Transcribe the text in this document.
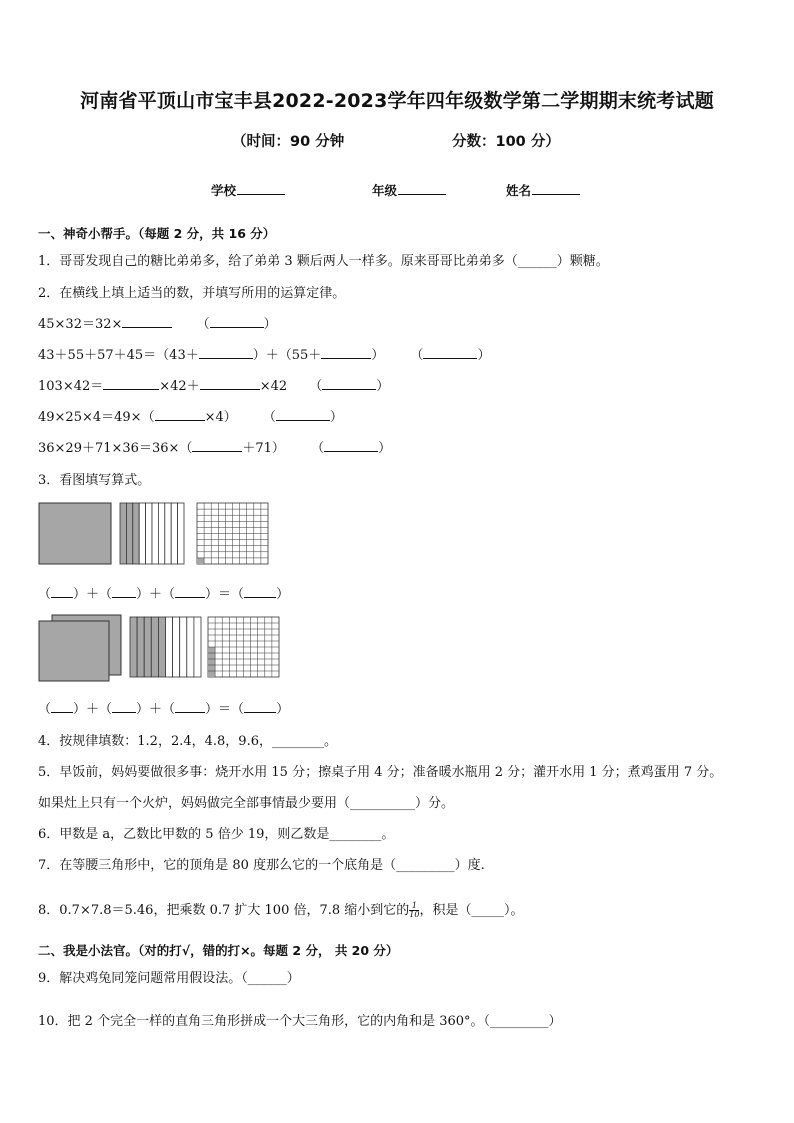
河南省平顶山市宝丰县2022-2023学年四年级数学第二学期期末统考试题
（时间：90 分钟	分数：100 分）
学校	年级	姓名
一、神奇小帮手。（每题 2 分，共 16 分）
1．哥哥发现自己的糖比弟弟多，给了弟弟 3 颗后两人一样多。原来哥哥比弟弟多（______）颗糖。
2．在横线上填上适当的数，并填写所用的运算定律。
45×32＝32×	（	）
43＋55＋57＋45＝（43＋	）＋（55＋	） （	）
103×42＝	×42＋	×42 （	）
49×25×4＝49×（	×4） （	）
36×29＋71×36＝36×（	＋71） （	）
3．看图填写算式。
（ ）＋（ ）＋（ ）＝（ ）
（ ）＋（ ）＋（ ）＝（ ）
4．按规律填数：1.2，2.4，4.8，9.6，________。
5．早饭前，妈妈要做很多事：烧开水用 15 分；擦桌子用 4 分；准备暖水瓶用 2 分；灌开水用 1 分；煮鸡蛋用 7 分。
如果灶上只有一个火炉，妈妈做完全部事情最少要用（__________）分。
6．甲数是 a，乙数比甲数的 5 倍少 19，则乙数是________。
7．在等腰三角形中，它的顶角是 80 度那么它的一个底角是（_________）度.
8．0.7×7.8＝5.46，把乘数 0.7 扩大 100 倍，7.8 缩小到它的 $\frac{1}{10}$ ，积是（_____）。
二、我是小法官。（对的打√，错的打×。每题 2 分， 共 20 分）
9．解决鸡兔同笼问题常用假设法。（______）
10．把 2 个完全一样的直角三角形拼成一个大三角形，它的内角和是 360°。（_________）
